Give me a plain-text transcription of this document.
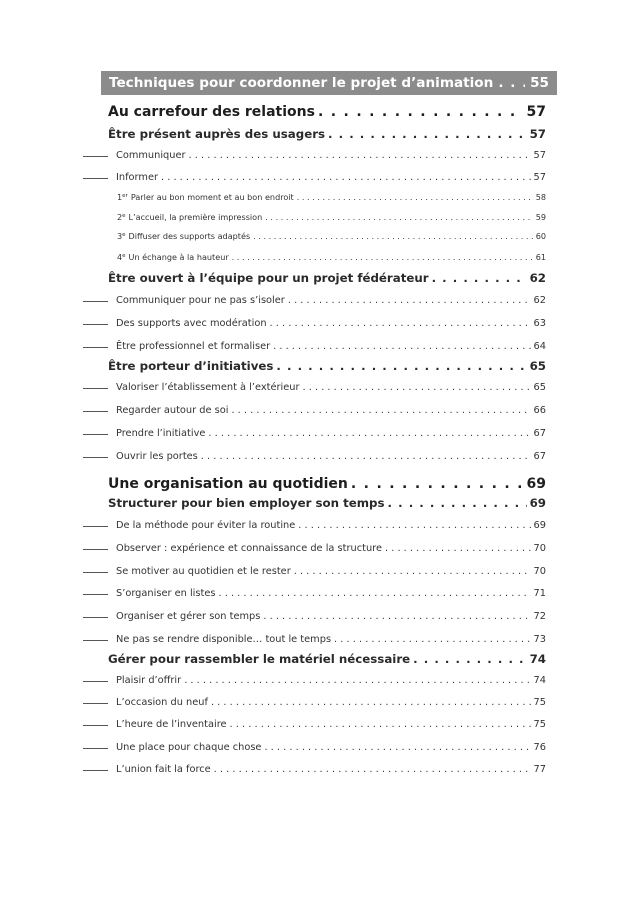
Techniques pour coordonner le projet d’animation . . .	55
Au carrefour des relations . . .	57
Être présent auprès des usagers . . .	57
Communiquer . . .	57
Informer . . .	57
1er Parler au bon moment et au bon endroit . . .	58
2e L’accueil, la première impression . . .	59
3e Diffuser des supports adaptés . . .	60
4e Un échange à la hauteur . . .	61
Être ouvert à l’équipe pour un projet fédérateur . . .	62
Communiquer pour ne pas s’isoler . . .	62
Des supports avec modération . . .	63
Être professionnel et formaliser . . .	64
Être porteur d’initiatives . . .	65
Valoriser l’établissement à l’extérieur . . .	65
Regarder autour de soi . . .	66
Prendre l’initiative . . .	67
Ouvrir les portes . . .	67
Une organisation au quotidien . . .	69
Structurer pour bien employer son temps . . .	69
De la méthode pour éviter la routine . . .	69
Observer : expérience et connaissance de la structure . . .	70
Se motiver au quotidien et le rester . . .	70
S’organiser en listes . . .	71
Organiser et gérer son temps . . .	72
Ne pas se rendre disponible… tout le temps . . .	73
Gérer pour rassembler le matériel nécessaire . . .	74
Plaisir d’offrir . . .	74
L’occasion du neuf . . .	75
L’heure de l’inventaire . . .	75
Une place pour chaque chose . . .	76
L’union fait la force . . .	77
